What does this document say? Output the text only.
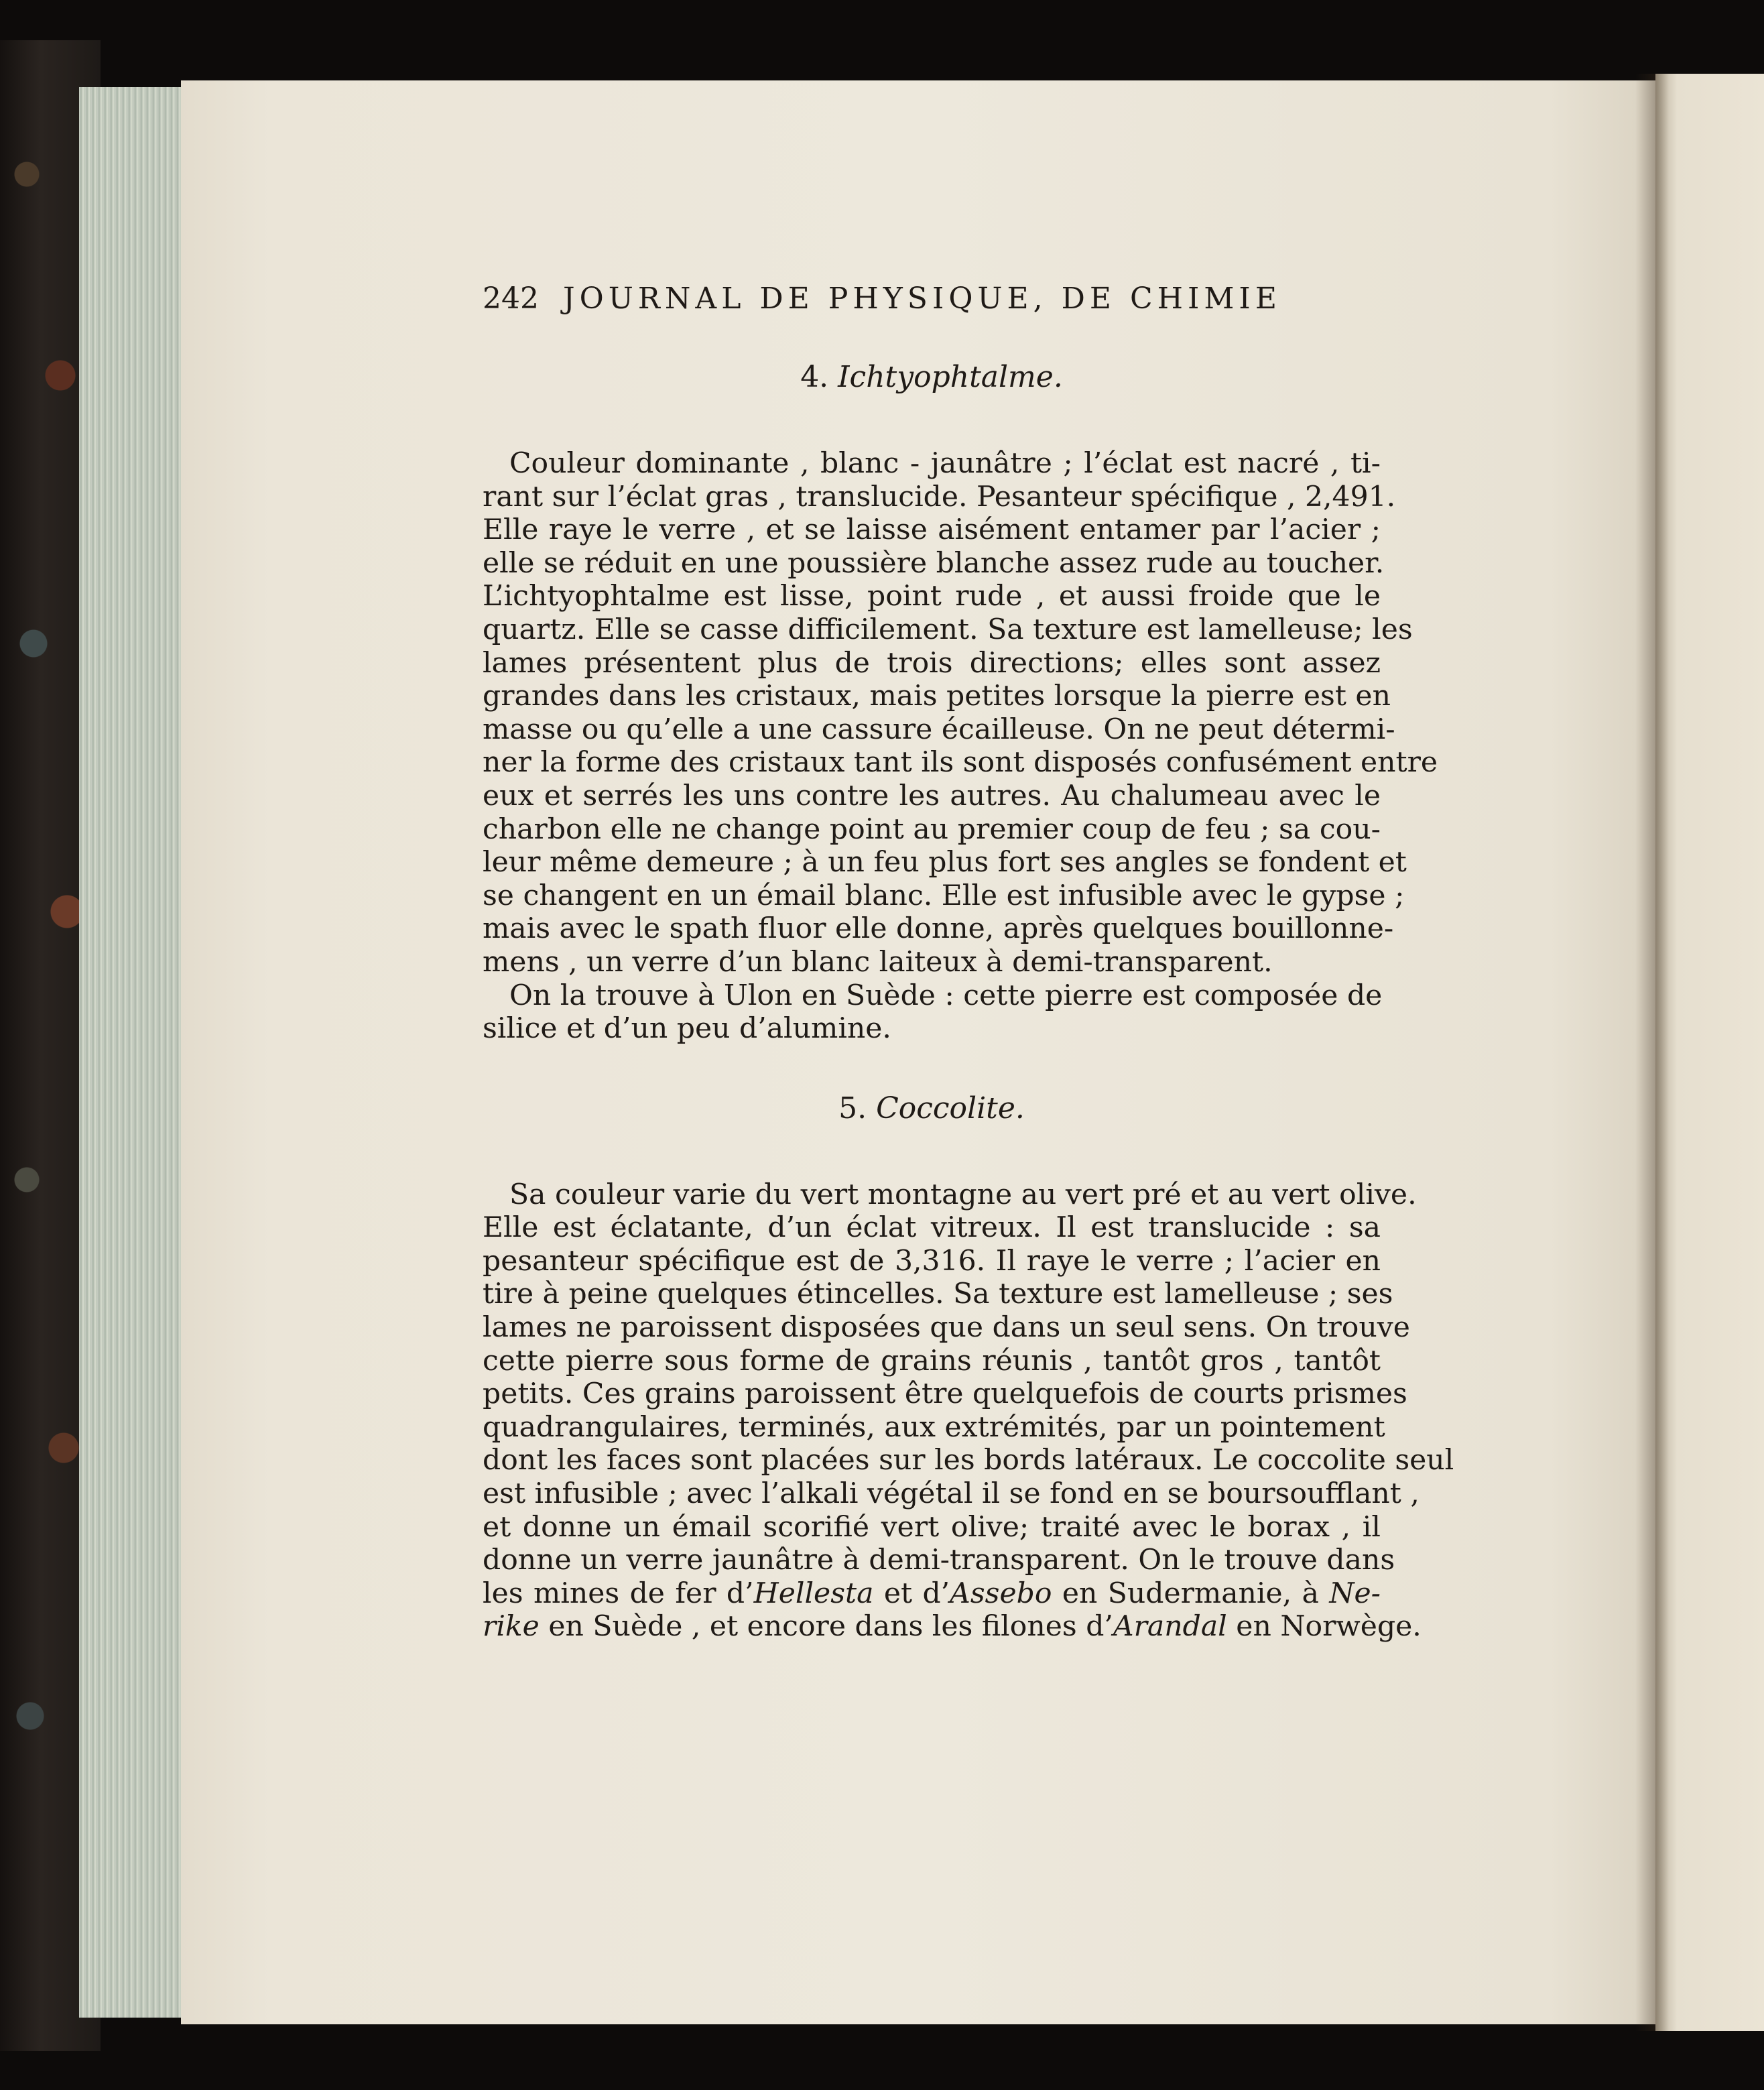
242 JOURNAL DE PHYSIQUE, DE CHIMIE
4. Ichtyophtalme.
Couleur dominante , blanc - jaunâtre ; l’éclat est nacré , ti-
rant sur l’éclat gras , translucide. Pesanteur spécifique , 2,491.
Elle raye le verre , et se laisse aisément entamer par l’acier ;
elle se réduit en une poussière blanche assez rude au toucher.
L’ichtyophtalme est lisse, point rude , et aussi froide que le
quartz. Elle se casse difficilement. Sa texture est lamelleuse; les
lames présentent plus de trois directions; elles sont assez
grandes dans les cristaux, mais petites lorsque la pierre est en
masse ou qu’elle a une cassure écailleuse. On ne peut détermi-
ner la forme des cristaux tant ils sont disposés confusément entre
eux et serrés les uns contre les autres. Au chalumeau avec le
charbon elle ne change point au premier coup de feu ; sa cou-
leur même demeure ; à un feu plus fort ses angles se fondent et
se changent en un émail blanc. Elle est infusible avec le gypse ;
mais avec le spath fluor elle donne, après quelques bouillonne-
mens , un verre d’un blanc laiteux à demi-transparent.
On la trouve à Ulon en Suède : cette pierre est composée de
silice et d’un peu d’alumine.
5. Coccolite.
Sa couleur varie du vert montagne au vert pré et au vert olive.
Elle est éclatante, d’un éclat vitreux. Il est translucide : sa
pesanteur spécifique est de 3,316. Il raye le verre ; l’acier en
tire à peine quelques étincelles. Sa texture est lamelleuse ; ses
lames ne paroissent disposées que dans un seul sens. On trouve
cette pierre sous forme de grains réunis , tantôt gros , tantôt
petits. Ces grains paroissent être quelquefois de courts prismes
quadrangulaires, terminés, aux extrémités, par un pointement
dont les faces sont placées sur les bords latéraux. Le coccolite seul
est infusible ; avec l’alkali végétal il se fond en se boursoufflant ,
et donne un émail scorifié vert olive; traité avec le borax , il
donne un verre jaunâtre à demi-transparent. On le trouve dans
les mines de fer d’Hellesta et d’Assebo en Sudermanie, à Ne-
rike en Suède , et encore dans les filones d’Arandal en Norwège.
